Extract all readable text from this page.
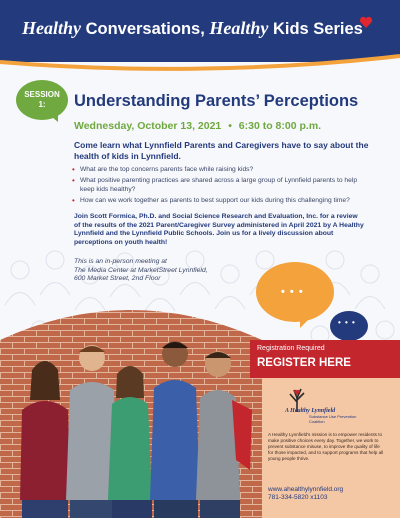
Healthy Conversations, Healthy Kids Series
SESSION
1:	Understanding Parents’ Perceptions
Wednesday, October 13, 2021 • 6:30 to 8:00 p.m.
Come learn what Lynnfield Parents and Caregivers have to say about the health of kids in Lynnfield.
• What are the top concerns parents face while raising kids?
• What positive parenting practices are shared across a large group of Lynnfield parents to help keep kids healthy?
• How can we work together as parents to best support our kids during this challenging time?
Join Scott Formica, Ph.D. and Social Science Research and Evaluation, Inc. for a review of the results of the 2021 Parent/Caregiver Survey administered in April 2021 by A Healthy Lynnfield and the Lynnfield Public Schools. Join us for a lively discussion about perceptions on youth health!
This is an in-person meeting at
The Media Center at MarketStreet Lynnfield,
600 Market Street, 2nd Floor
• • •
• • •
Registration Required
REGISTER HERE
A Healthy Lynnfield
Substance Use Prevention Coalition
A Healthy Lynnfield's mission is to empower residents to make positive choices every day. Together, we work to prevent substance misuse, to improve the quality of life for those impacted, and to support programs that help all young people thrive.
www.ahealthylynnfield.org
781-334-5820 x1103
